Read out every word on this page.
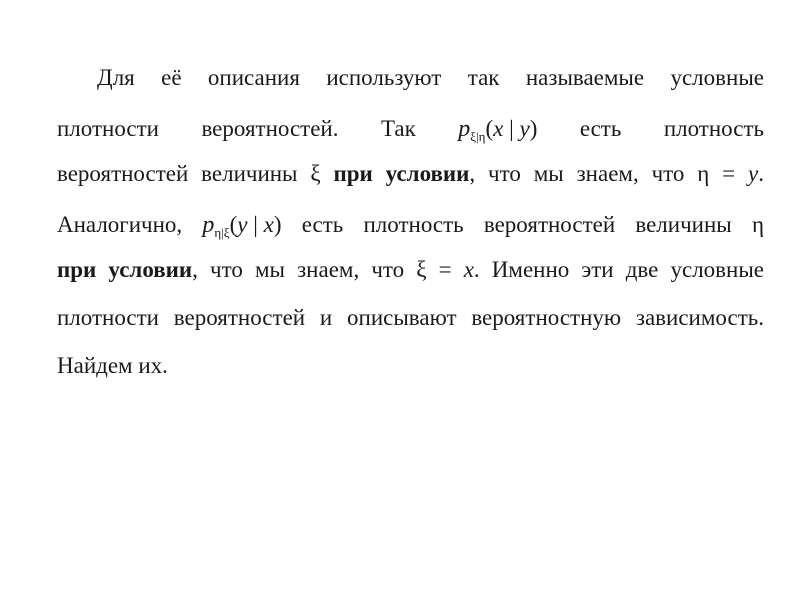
Для её описания используют так называемые условные
плотности вероятностей. Так $p_{\xi|\eta}(x$ | y) есть плотность
вероятностей величины ξ при условии, что мы знаем, что η = y.
Аналогично, $p_{\eta|\xi}(y$ | x) есть плотность вероятностей величины η
при условии, что мы знаем, что ξ = x. Именно эти две условные
плотности вероятностей и описывают вероятностную зависимость.
Найдем их.
